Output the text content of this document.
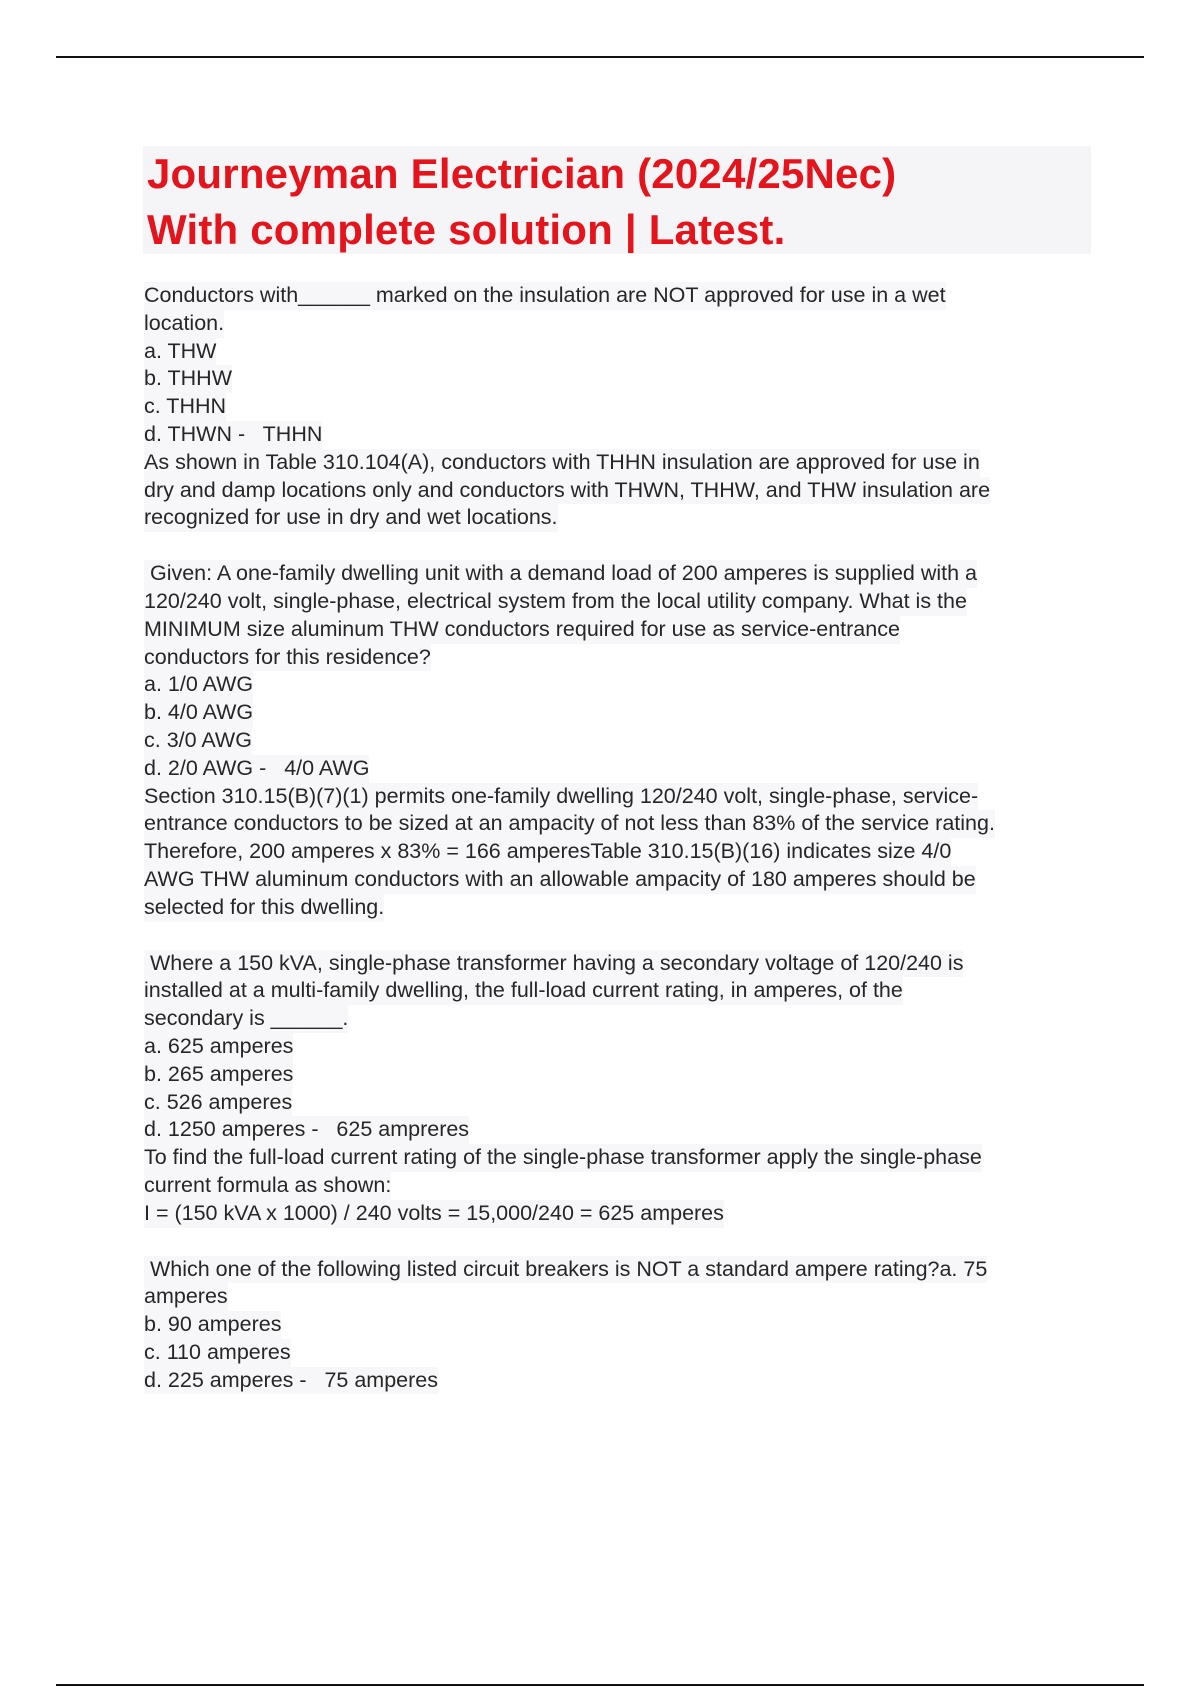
Journeyman Electrician (2024/25Nec)
With complete solution | Latest.
Conductors with______ marked on the insulation are NOT approved for use in a wet
location.
a. THW
b. THHW
c. THHN
d. THWN -   THHN
As shown in Table 310.104(A), conductors with THHN insulation are approved for use in
dry and damp locations only and conductors with THWN, THHW, and THW insulation are
recognized for use in dry and wet locations.
Given: A one-family dwelling unit with a demand load of 200 amperes is supplied with a
120/240 volt, single-phase, electrical system from the local utility company. What is the
MINIMUM size aluminum THW conductors required for use as service-entrance
conductors for this residence?
a. 1/0 AWG
b. 4/0 AWG
c. 3/0 AWG
d. 2/0 AWG -   4/0 AWG
Section 310.15(B)(7)(1) permits one-family dwelling 120/240 volt, single-phase, service-
entrance conductors to be sized at an ampacity of not less than 83% of the service rating.
Therefore, 200 amperes x 83% = 166 amperesTable 310.15(B)(16) indicates size 4/0
AWG THW aluminum conductors with an allowable ampacity of 180 amperes should be
selected for this dwelling.
Where a 150 kVA, single-phase transformer having a secondary voltage of 120/240 is
installed at a multi-family dwelling, the full-load current rating, in amperes, of the
secondary is ______.
a. 625 amperes
b. 265 amperes
c. 526 amperes
d. 1250 amperes -   625 ampreres
To find the full-load current rating of the single-phase transformer apply the single-phase
current formula as shown:
I = (150 kVA x 1000) / 240 volts = 15,000/240 = 625 amperes
Which one of the following listed circuit breakers is NOT a standard ampere rating?a. 75
amperes
b. 90 amperes
c. 110 amperes
d. 225 amperes -   75 amperes
